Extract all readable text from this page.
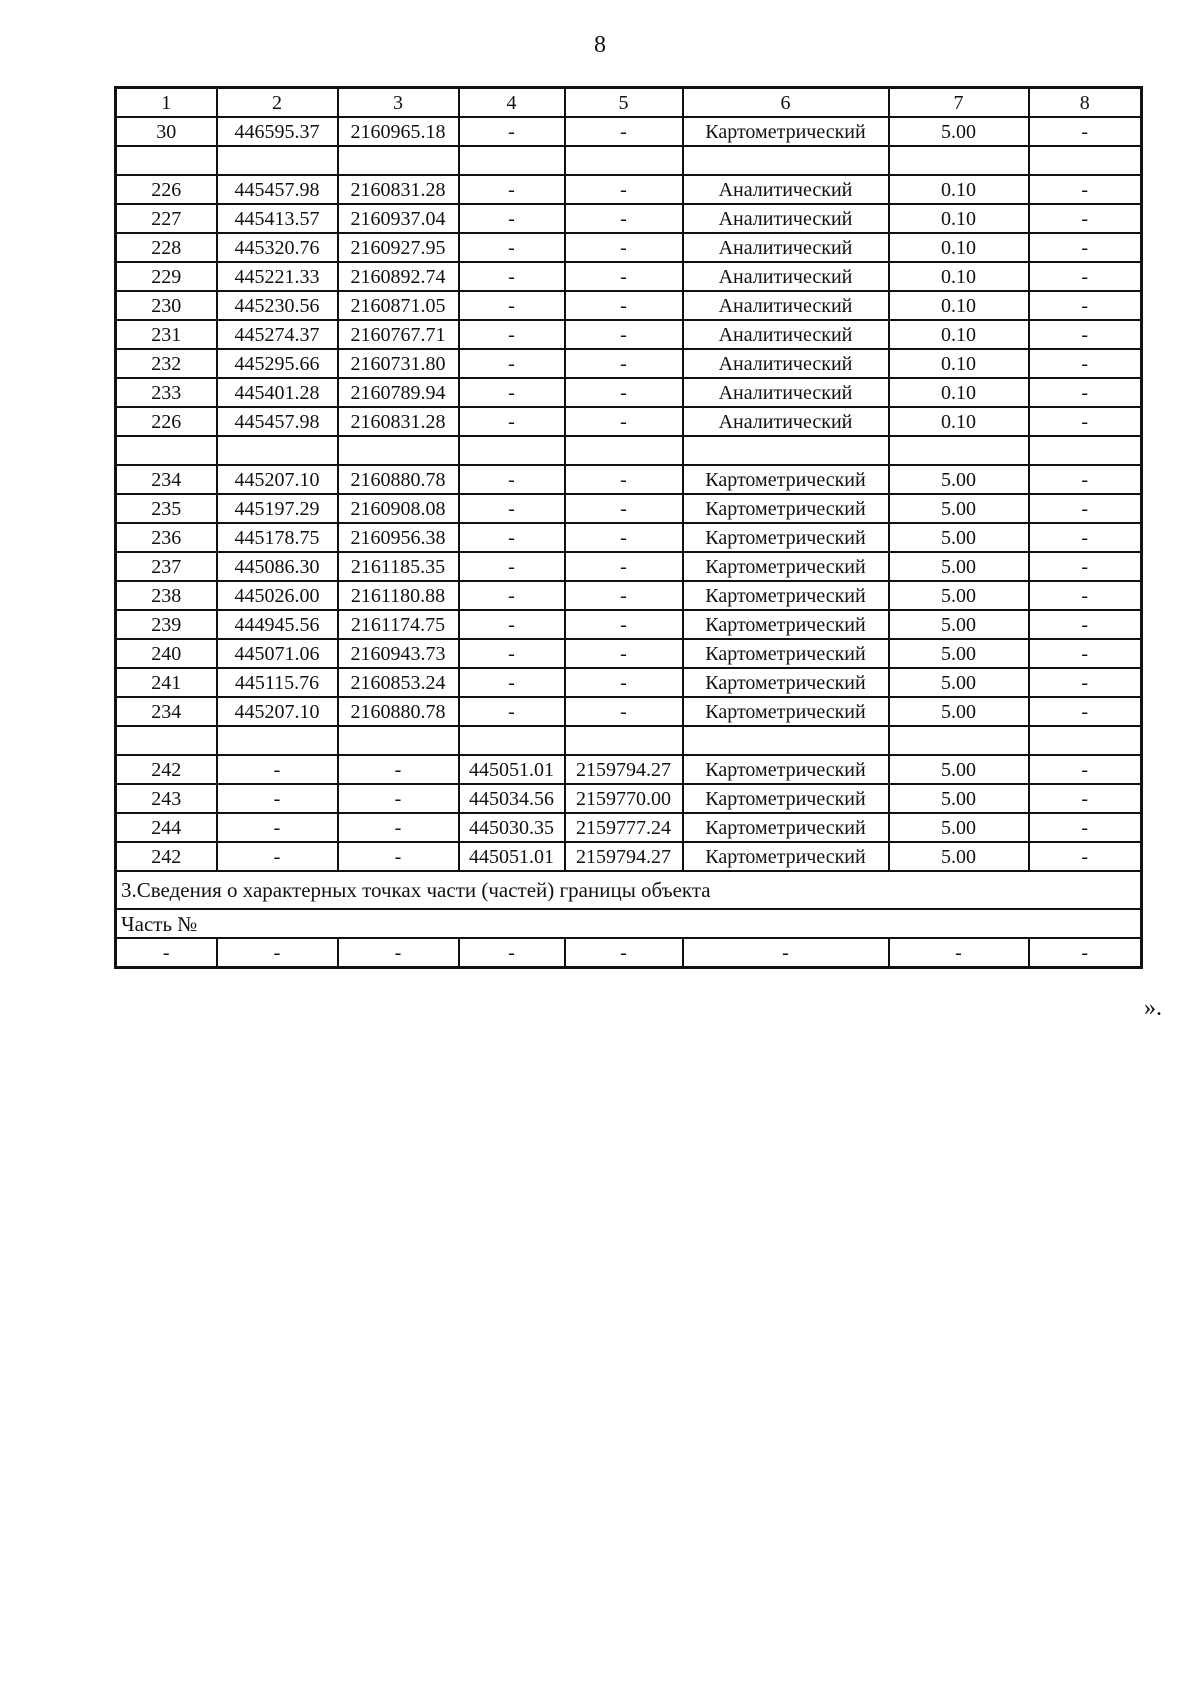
8
1	2	3	4	5	6	7	8
30	446595.37	2160965.18	-	-	Картометрический	5.00	-

226	445457.98	2160831.28	-	-	Аналитический	0.10	-
227	445413.57	2160937.04	-	-	Аналитический	0.10	-
228	445320.76	2160927.95	-	-	Аналитический	0.10	-
229	445221.33	2160892.74	-	-	Аналитический	0.10	-
230	445230.56	2160871.05	-	-	Аналитический	0.10	-
231	445274.37	2160767.71	-	-	Аналитический	0.10	-
232	445295.66	2160731.80	-	-	Аналитический	0.10	-
233	445401.28	2160789.94	-	-	Аналитический	0.10	-
226	445457.98	2160831.28	-	-	Аналитический	0.10	-

234	445207.10	2160880.78	-	-	Картометрический	5.00	-
235	445197.29	2160908.08	-	-	Картометрический	5.00	-
236	445178.75	2160956.38	-	-	Картометрический	5.00	-
237	445086.30	2161185.35	-	-	Картометрический	5.00	-
238	445026.00	2161180.88	-	-	Картометрический	5.00	-
239	444945.56	2161174.75	-	-	Картометрический	5.00	-
240	445071.06	2160943.73	-	-	Картометрический	5.00	-
241	445115.76	2160853.24	-	-	Картометрический	5.00	-
234	445207.10	2160880.78	-	-	Картометрический	5.00	-

242	-	-	445051.01	2159794.27	Картометрический	5.00	-
243	-	-	445034.56	2159770.00	Картометрический	5.00	-
244	-	-	445030.35	2159777.24	Картометрический	5.00	-
242	-	-	445051.01	2159794.27	Картометрический	5.00	-
3.Сведения о характерных точках части (частей) границы объекта							
Часть №							
-	-	-	-	-	-	-	-
».
